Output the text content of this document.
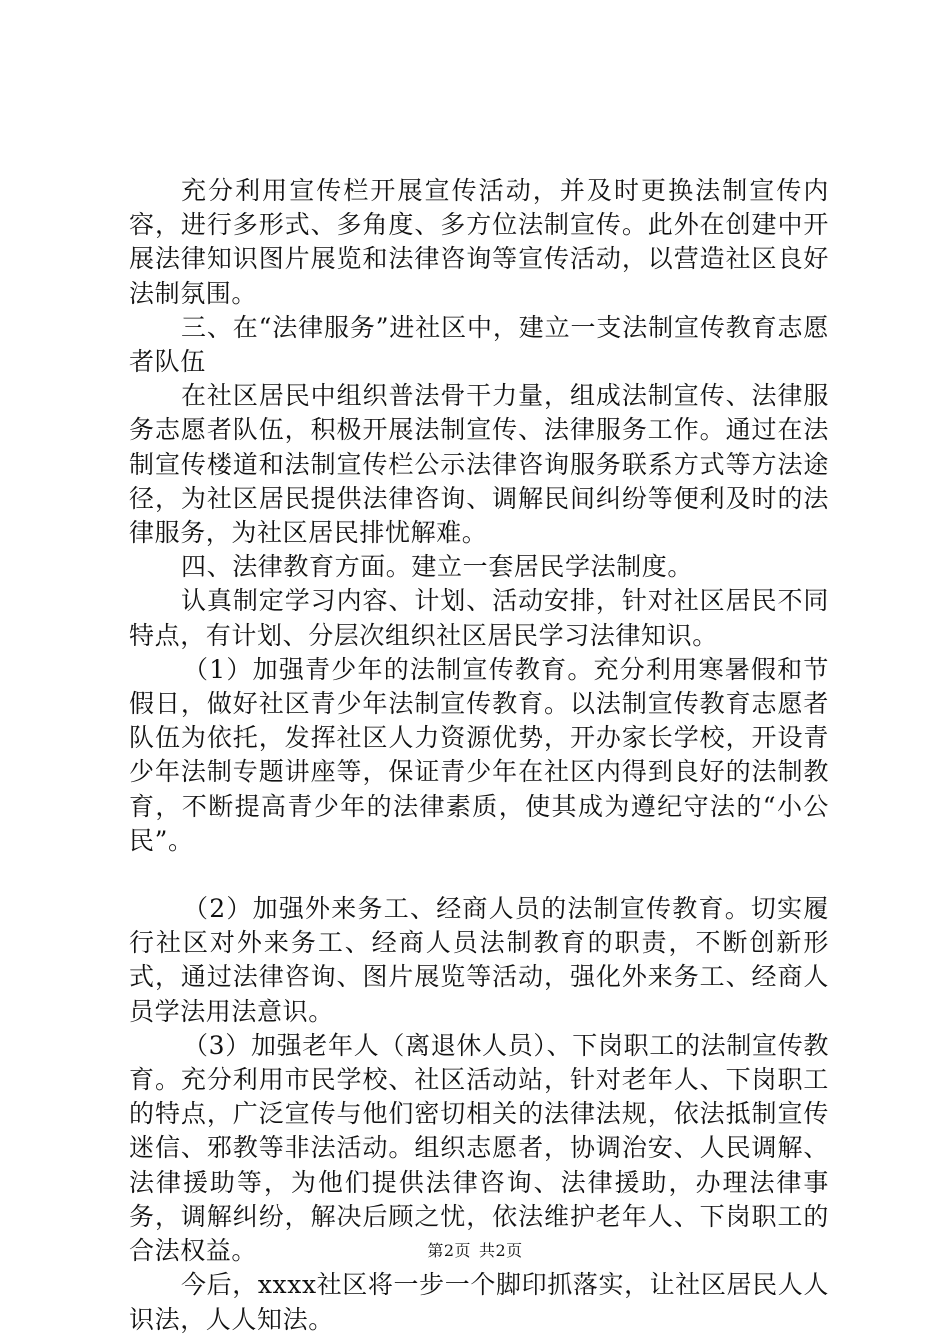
充分利用宣传栏开展宣传活动，并及时更换法制宣传内容，进行多形式、多角度、多方位法制宣传。此外在创建中开展法律知识图片展览和法律咨询等宣传活动，以营造社区良好法制氛围。

三、在“法律服务”进社区中，建立一支法制宣传教育志愿者队伍

在社区居民中组织普法骨干力量，组成法制宣传、法律服务志愿者队伍，积极开展法制宣传、法律服务工作。通过在法制宣传楼道和法制宣传栏公示法律咨询服务联系方式等方法途径，为社区居民提供法律咨询、调解民间纠纷等便利及时的法律服务，为社区居民排忧解难。

四、法律教育方面。建立一套居民学法制度。

认真制定学习内容、计划、活动安排，针对社区居民不同特点，有计划、分层次组织社区居民学习法律知识。

（1）加强青少年的法制宣传教育。充分利用寒暑假和节假日，做好社区青少年法制宣传教育。以法制宣传教育志愿者队伍为依托，发挥社区人力资源优势，开办家长学校，开设青少年法制专题讲座等，保证青少年在社区内得到良好的法制教育，不断提高青少年的法律素质，使其成为遵纪守法的“小公民”。

（2）加强外来务工、经商人员的法制宣传教育。切实履行社区对外来务工、经商人员法制教育的职责，不断创新形式，通过法律咨询、图片展览等活动，强化外来务工、经商人员学法用法意识。

（3）加强老年人（离退休人员）、下岗职工的法制宣传教育。充分利用市民学校、社区活动站，针对老年人、下岗职工的特点，广泛宣传与他们密切相关的法律法规，依法抵制宣传迷信、邪教等非法活动。组织志愿者，协调治安、人民调解、法律援助等，为他们提供法律咨询、法律援助，办理法律事务，调解纠纷，解决后顾之忧，依法维护老年人、下岗职工的合法权益。

今后，xxxx社区将一步一个脚印抓落实，让社区居民人人识法，人人知法。

第2页 共2页
